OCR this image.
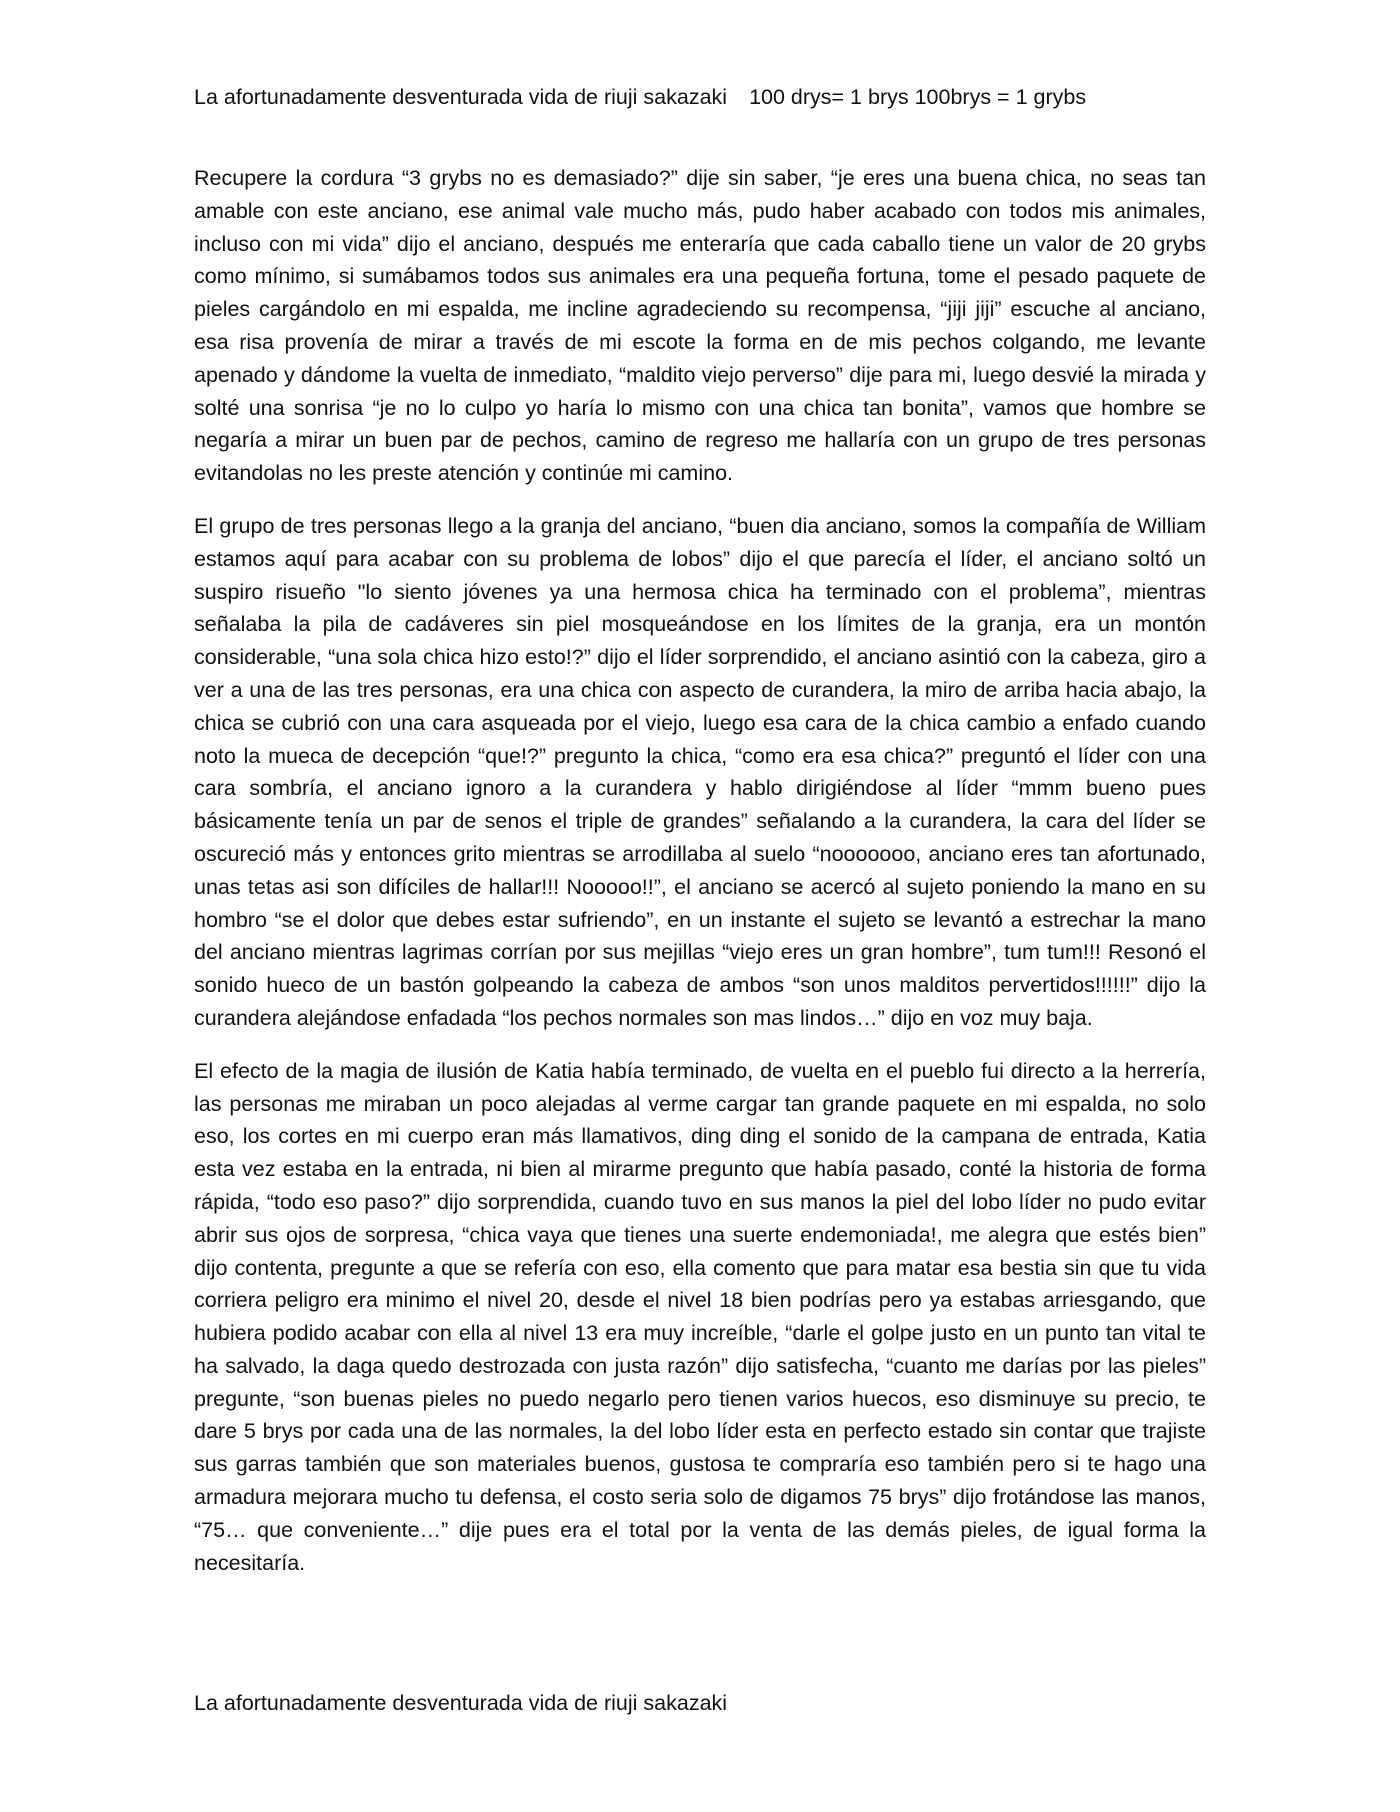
La afortunadamente desventurada vida de riuji sakazaki 100 drys= 1 brys 100brys = 1 grybs

Recupere la cordura “3 grybs no es demasiado?” dije sin saber, “je eres una buena chica, no seas tan amable con este anciano, ese animal vale mucho más, pudo haber acabado con todos mis animales, incluso con mi vida” dijo el anciano, después me enteraría que cada caballo tiene un valor de 20 grybs como mínimo, si sumábamos todos sus animales era una pequeña fortuna, tome el pesado paquete de pieles cargándolo en mi espalda, me incline agradeciendo su recompensa, “jiji jiji” escuche al anciano, esa risa provenía de mirar a través de mi escote la forma en de mis pechos colgando, me levante apenado y dándome la vuelta de inmediato, “maldito viejo perverso” dije para mi, luego desvié la mirada y solté una sonrisa “je no lo culpo yo haría lo mismo con una chica tan bonita”, vamos que hombre se negaría a mirar un buen par de pechos, camino de regreso me hallaría con un grupo de tres personas evitandolas no les preste atención y continúe mi camino.

El grupo de tres personas llego a la granja del anciano, “buen dia anciano, somos la compañía de William estamos aquí para acabar con su problema de lobos” dijo el que parecía el líder, el anciano soltó un suspiro risueño "lo siento jóvenes ya una hermosa chica ha terminado con el problema”, mientras señalaba la pila de cadáveres sin piel mosqueándose en los límites de la granja, era un montón considerable, “una sola chica hizo esto!?” dijo el líder sorprendido, el anciano asintió con la cabeza, giro a ver a una de las tres personas, era una chica con aspecto de curandera, la miro de arriba hacia abajo, la chica se cubrió con una cara asqueada por el viejo, luego esa cara de la chica cambio a enfado cuando noto la mueca de decepción “que!?” pregunto la chica, “como era esa chica?” preguntó el líder con una cara sombría, el anciano ignoro a la curandera y hablo dirigiéndose al líder “mmm bueno pues básicamente tenía un par de senos el triple de grandes” señalando a la curandera, la cara del líder se oscureció más y entonces grito mientras se arrodillaba al suelo “nooooooo, anciano eres tan afortunado, unas tetas asi son difíciles de hallar!!! Nooooo!!”, el anciano se acercó al sujeto poniendo la mano en su hombro “se el dolor que debes estar sufriendo”, en un instante el sujeto se levantó a estrechar la mano del anciano mientras lagrimas corrían por sus mejillas “viejo eres un gran hombre”, tum tum!!! Resonó el sonido hueco de un bastón golpeando la cabeza de ambos “son unos malditos pervertidos!!!!!!” dijo la curandera alejándose enfadada “los pechos normales son mas lindos…” dijo en voz muy baja.

El efecto de la magia de ilusión de Katia había terminado, de vuelta en el pueblo fui directo a la herrería, las personas me miraban un poco alejadas al verme cargar tan grande paquete en mi espalda, no solo eso, los cortes en mi cuerpo eran más llamativos, ding ding el sonido de la campana de entrada, Katia esta vez estaba en la entrada, ni bien al mirarme pregunto que había pasado, conté la historia de forma rápida, “todo eso paso?” dijo sorprendida, cuando tuvo en sus manos la piel del lobo líder no pudo evitar abrir sus ojos de sorpresa, “chica vaya que tienes una suerte endemoniada!, me alegra que estés bien” dijo contenta, pregunte a que se refería con eso, ella comento que para matar esa bestia sin que tu vida corriera peligro era minimo el nivel 20, desde el nivel 18 bien podrías pero ya estabas arriesgando, que hubiera podido acabar con ella al nivel 13 era muy increíble, “darle el golpe justo en un punto tan vital te ha salvado, la daga quedo destrozada con justa razón” dijo satisfecha, “cuanto me darías por las pieles” pregunte, “son buenas pieles no puedo negarlo pero tienen varios huecos, eso disminuye su precio, te dare 5 brys por cada una de las normales, la del lobo líder esta en perfecto estado sin contar que trajiste sus garras también que son materiales buenos, gustosa te compraría eso también pero si te hago una armadura mejorara mucho tu defensa, el costo seria solo de digamos 75 brys” dijo frotándose las manos, “75… que conveniente…” dije pues era el total por la venta de las demás pieles, de igual forma la necesitaría.

La afortunadamente desventurada vida de riuji sakazaki
